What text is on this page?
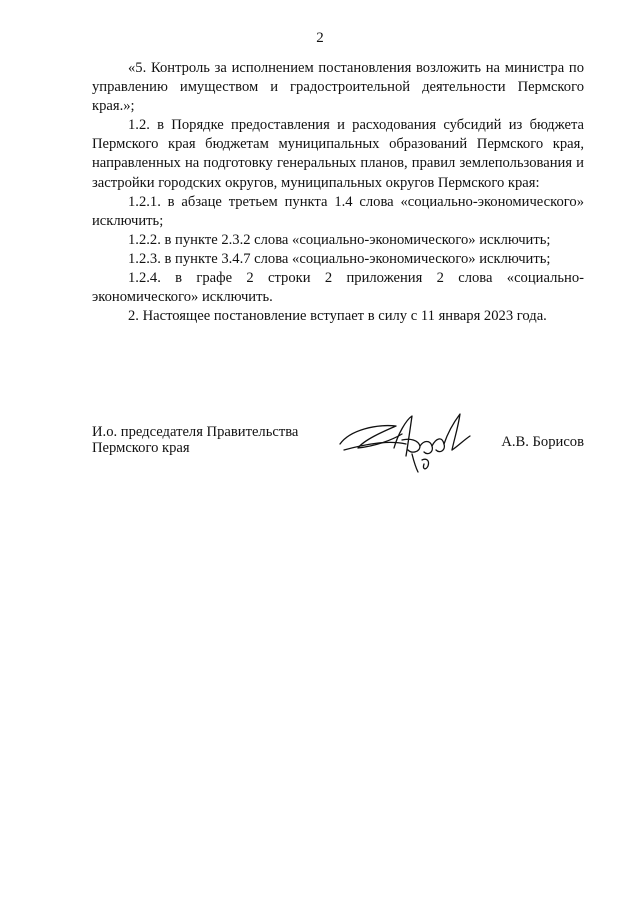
2

«5. Контроль за исполнением постановления возложить на министра по управлению имуществом и градостроительной деятельности Пермского края.»;

1.2. в Порядке предоставления и расходования субсидий из бюджета Пермского края бюджетам муниципальных образований Пермского края, направленных на подготовку генеральных планов, правил землепользования и застройки городских округов, муниципальных округов Пермского края:

1.2.1. в абзаце третьем пункта 1.4 слова «социально-экономического» исключить;

1.2.2. в пункте 2.3.2 слова «социально-экономического» исключить;

1.2.3. в пункте 3.4.7 слова «социально-экономического» исключить;

1.2.4. в графе 2 строки 2 приложения 2 слова «социально-экономического» исключить.

2. Настоящее постановление вступает в силу с 11 января 2023 года.

И.о. председателя Правительства
Пермского края	А.В. Борисов
